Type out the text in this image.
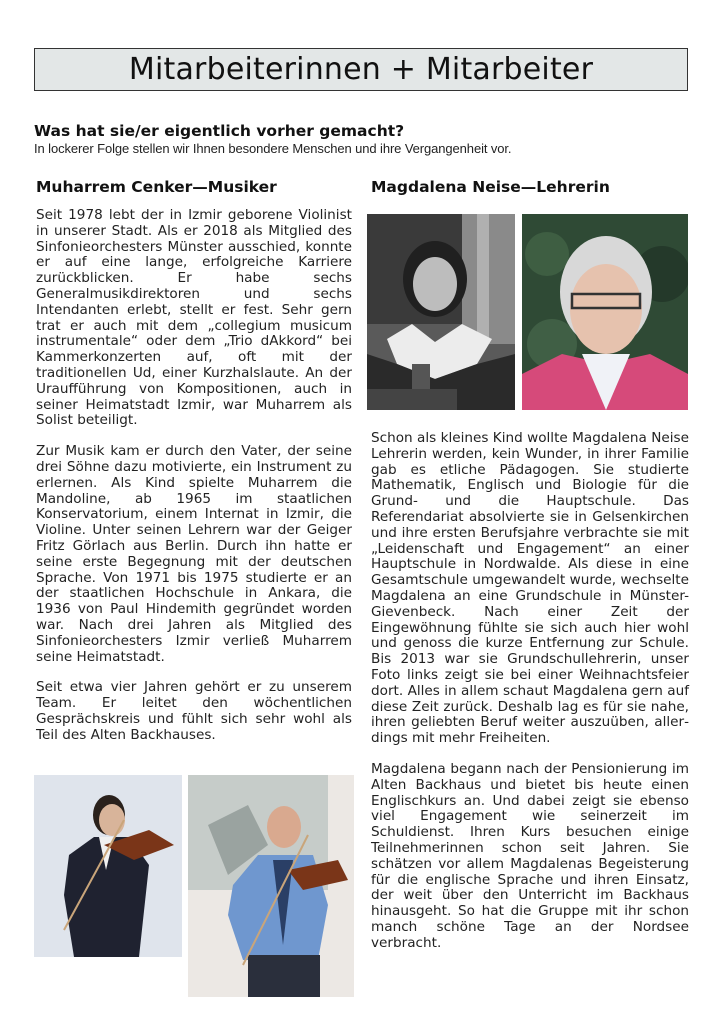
Mitarbeiterinnen + Mitarbeiter
Was hat sie/er eigentlich vorher gemacht?
In lockerer Folge stellen wir Ihnen besondere Menschen und ihre Vergangenheit vor.
Muharrem Cenker—Musiker

Seit 1978 lebt der in Izmir geborene Violinist in unserer Stadt. Als er 2018 als Mitglied des Sinfonieorchesters Münster ausschied, konnte er auf eine lange, erfolgreiche Karriere zurückblicken. Er habe sechs Generalmusikdirektoren und sechs Intendanten erlebt, stellt er fest. Sehr gern trat er auch mit dem „collegium musicum instrumentale“ oder dem „Trio dAkkord“ bei Kammerkonzerten auf, oft mit der traditionellen Ud, einer Kurzhalslaute. An der Uraufführung von Kompositionen, auch in seiner Heimatstadt Izmir, war Muharrem als Solist beteiligt.

Zur Musik kam er durch den Vater, der seine drei Söhne dazu motivierte, ein Instrument zu erlernen. Als Kind spielte Muharrem die Mandoline, ab 1965 im staatlichen Konservatorium, einem Internat in Izmir, die Violine. Unter seinen Lehrern war der Geiger Fritz Görlach aus Berlin. Durch ihn hatte er seine erste Begegnung mit der deutschen Sprache. Von 1971 bis 1975 studierte er an der staatlichen Hochschule in Ankara, die 1936 von Paul Hindemith gegründet worden war. Nach drei Jahren als Mitglied des Sinfonieorchesters Izmir verließ Muharrem seine Heimatstadt.

Seit etwa vier Jahren gehört er zu unserem Team. Er leitet den wöchentlichen Gesprächskreis und fühlt sich sehr wohl als Teil des Alten Backhauses.

Magdalena Neise—Lehrerin

Schon als kleines Kind wollte Magdalena Neise Lehrerin werden, kein Wunder, in ihrer Familie gab es etliche Pädagogen. Sie studierte Mathematik, Englisch und Biologie für die Grund- und die Hauptschule. Das Referendariat absolvierte sie in Gelsenkirchen und ihre ersten Berufsjahre verbrachte sie mit „Leidenschaft und Engagement“ an einer Hauptschule in Nordwalde. Als diese in eine Gesamtschule umgewandelt wurde, wechselte Magdalena an eine Grundschule in Münster-Gievenbeck. Nach einer Zeit der Eingewöhnung fühlte sie sich auch hier wohl und genoss die kurze Entfernung zur Schule. Bis 2013 war sie Grundschullehrerin, unser Foto links zeigt sie bei einer Weihnachtsfeier dort. Alles in allem schaut Magdalena gern auf diese Zeit zurück. Deshalb lag es für sie nahe, ihren geliebten Beruf weiter auszuüben, allerdings mit mehr Freiheiten.

Magdalena begann nach der Pensionierung im Alten Backhaus und bietet bis heute einen Englischkurs an. Und dabei zeigt sie ebenso viel Engagement wie seinerzeit im Schuldienst. Ihren Kurs besuchen einige Teilnehmerinnen schon seit Jahren. Sie schätzen vor allem Magdalenas Begeisterung für die englische Sprache und ihren Einsatz, der weit über den Unterricht im Backhaus hinausgeht. So hat die Gruppe mit ihr schon manch schöne Tage an der Nordsee verbracht.
